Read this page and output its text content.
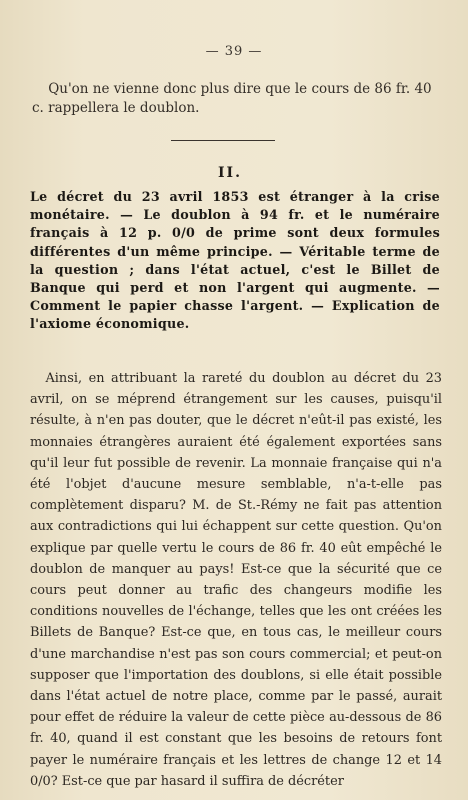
— 39 —

Qu'on ne vienne donc plus dire que le cours de 86 fr. 40 c. rappellera le doublon.

II.

Le décret du 23 avril 1853 est étranger à la crise monétaire. — Le doublon à 94 fr. et le numéraire français à 12 p. 0/0 de prime sont deux formules différentes d'un même principe. — Véritable terme de la question ; dans l'état actuel, c'est le Billet de Banque qui perd et non l'argent qui augmente. — Comment le papier chasse l'argent. — Explication de l'axiome économique.

Ainsi, en attribuant la rareté du doublon au décret du 23 avril, on se méprend étrangement sur les causes, puisqu'il résulte, à n'en pas douter, que le décret n'eût-il pas existé, les monnaies étrangères auraient été également exportées sans qu'il leur fut possible de revenir. La monnaie française qui n'a été l'objet d'aucune mesure semblable, n'a-t-elle pas complètement disparu? M. de St.-Rémy ne fait pas attention aux contradictions qui lui échappent sur cette question. Qu'on explique par quelle vertu le cours de 86 fr. 40 eût empêché le doublon de manquer au pays! Est-ce que la sécurité que ce cours peut donner au trafic des changeurs modifie les conditions nouvelles de l'échange, telles que les ont créées les Billets de Banque? Est-ce que, en tous cas, le meilleur cours d'une marchandise n'est pas son cours commercial; et peut-on supposer que l'importation des doublons, si elle était possible dans l'état actuel de notre place, comme par le passé, aurait pour effet de réduire la valeur de cette pièce au-dessous de 86 fr. 40, quand il est constant que les besoins de retours font payer le numéraire français et les lettres de change 12 et 14 0/0? Est-ce que par hasard il suffira de décréter
